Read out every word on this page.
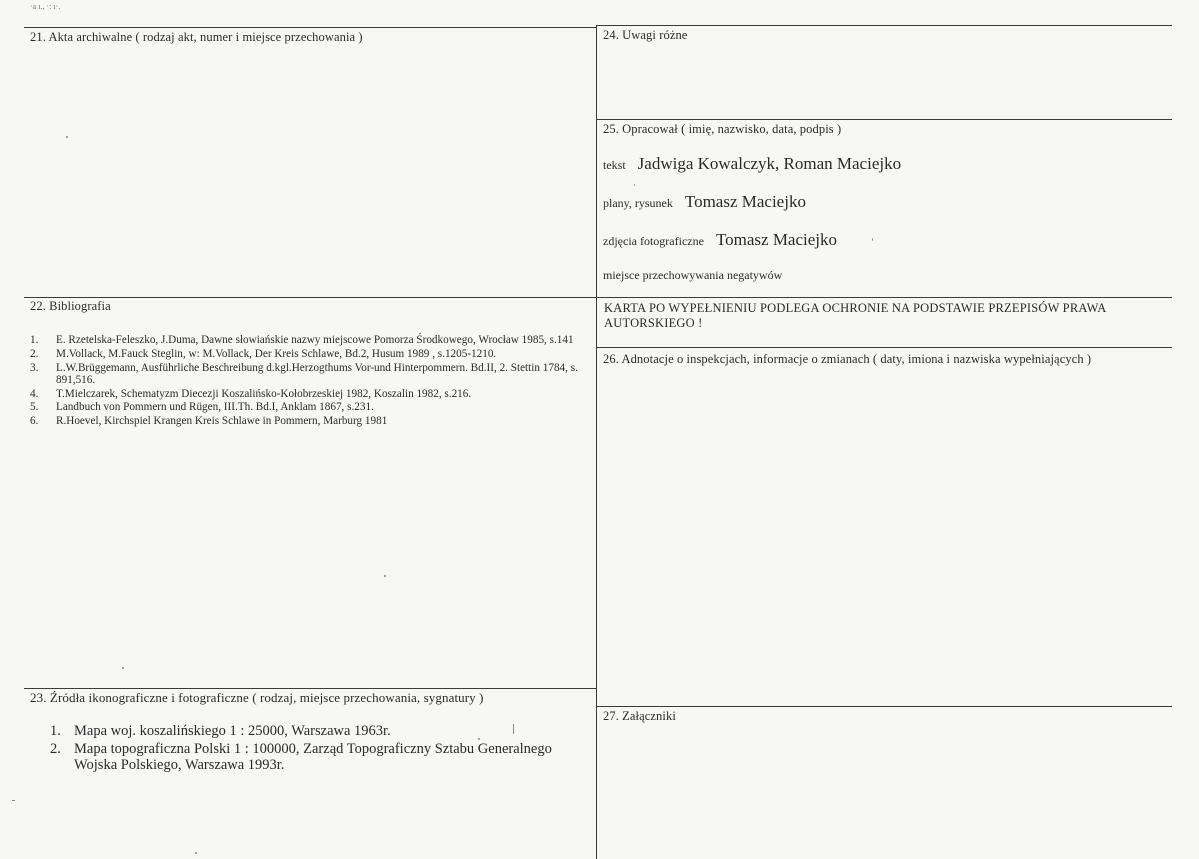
·a ı., ·: ı·.
21. Akta archiwalne ( rodzaj akt, numer i miejsce przechowania )
22. Bibliografia
1. E. Rzetelska-Feleszko, J.Duma, Dawne słowiańskie nazwy miejscowe Pomorza Środkowego, Wrocław 1985, s.141
2. M.Vollack, M.Fauck Steglin, w: M.Vollack, Der Kreis Schlawe, Bd.2, Husum 1989 , s.1205-1210.
3. L.W.Brüggemann, Ausführliche Beschreibung d.kgl.Herzogthums Vor-und Hinterpommern. Bd.II, 2. Stettin 1784, s. 891,516.
4. T.Mielczarek, Schematyzm Diecezji Koszalińsko-Kołobrzeskiej 1982, Koszalin 1982, s.216.
5. Landbuch von Pommern und Rügen, III.Th. Bd.I, Anklam 1867, s.231.
6. R.Hoevel, Kirchspiel Krangen Kreis Schlawe in Pommern, Marburg 1981
23. Źródła ikonograficzne i fotograficzne ( rodzaj, miejsce przechowania, sygnatury )
1. Mapa woj. koszalińskiego 1 : 25000, Warszawa 1963r.
2. Mapa topograficzna Polski 1 : 100000, Zarząd Topograficzny Sztabu Generalnego Wojska Polskiego, Warszawa 1993r.
24. Uwagi różne
25. Opracował ( imię, nazwisko, data, podpis )
tekst Jadwiga Kowalczyk, Roman Maciejko
plany, rysunek Tomasz Maciejko
zdjęcia fotograficzne Tomasz Maciejko
miejsce przechowywania negatywów
KARTA PO WYPEŁNIENIU PODLEGA OCHRONIE NA PODSTAWIE PRZEPISÓW PRAWA AUTORSKIEGO !
26. Adnotacje o inspekcjach, informacje o zmianach ( daty, imiona i nazwiska wypełniających )
27. Załączniki
